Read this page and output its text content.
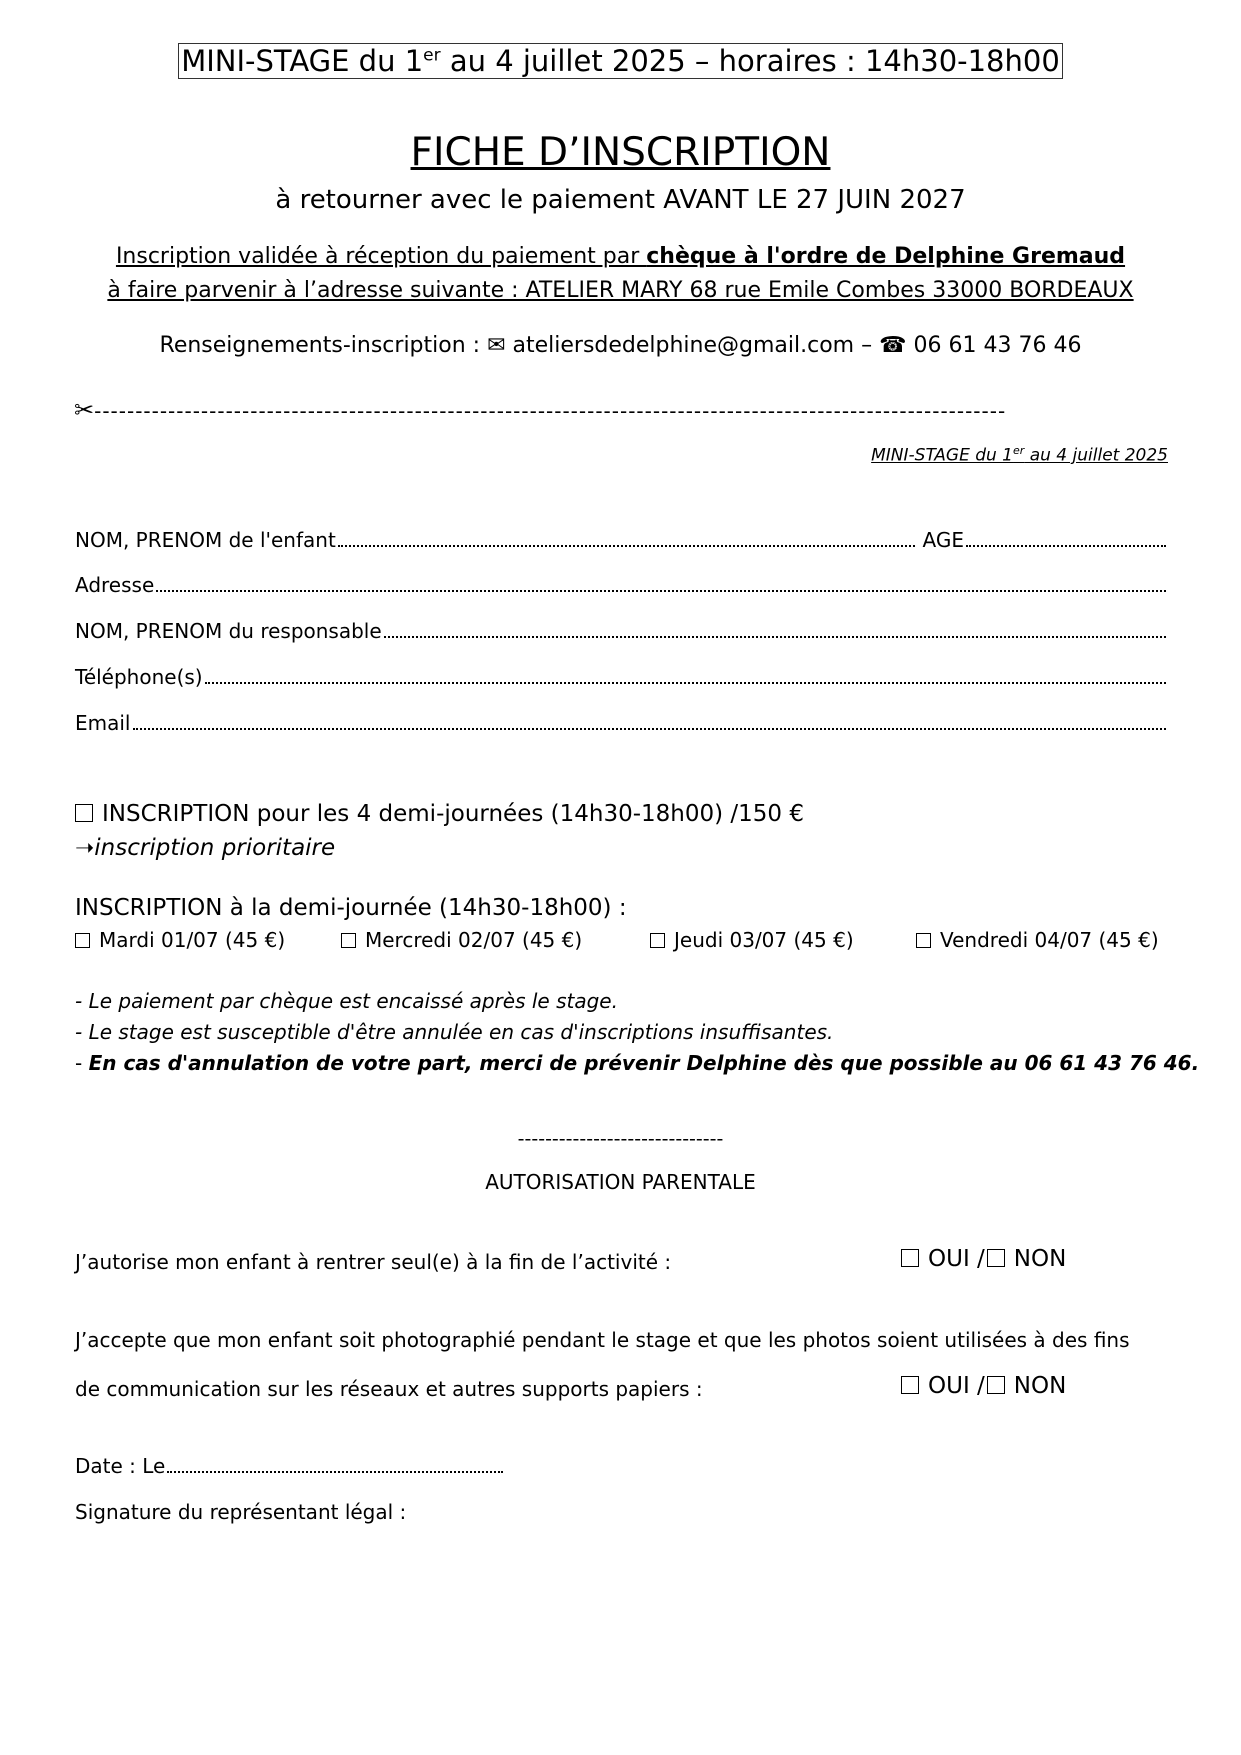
MINI-STAGE du 1er au 4 juillet 2025 – horaires : 14h30-18h00
FICHE D’INSCRIPTION
à retourner avec le paiement AVANT LE 27 JUIN 2027
Inscription validée à réception du paiement par chèque à l'ordre de Delphine Gremaud
à faire parvenir à l’adresse suivante : ATELIER MARY 68 rue Emile Combes 33000 BORDEAUX
Renseignements-inscription : ✉ ateliersdedelphine@gmail.com – ☎ 06 61 43 76 46
✂---------------------------------------------------------------------------------------------------------------
MINI-STAGE du 1er au 4 juillet 2025
NOM, PRENOM de l'enfant	AGE
Adresse
NOM, PRENOM du responsable
Téléphone(s)
Email
INSCRIPTION pour les 4 demi-journées (14h30-18h00) /150 €
➝inscription prioritaire
INSCRIPTION à la demi-journée (14h30-18h00) :
Mardi 01/07 (45 €)	Mercredi 02/07 (45 €)	Jeudi 03/07 (45 €)	Vendredi 04/07 (45 €)
- Le paiement par chèque est encaissé après le stage.
- Le stage est susceptible d'être annulée en cas d'inscriptions insuffisantes.
- En cas d'annulation de votre part, merci de prévenir Delphine dès que possible au 06 61 43 76 46.
------------------------------
AUTORISATION PARENTALE
J’autorise mon enfant à rentrer seul(e) à la fin de l’activité :	OUI / NON
J’accepte que mon enfant soit photographié pendant le stage et que les photos soient utilisées à des fins
de communication sur les réseaux et autres supports papiers :	OUI / NON
Date : Le
Signature du représentant légal :
